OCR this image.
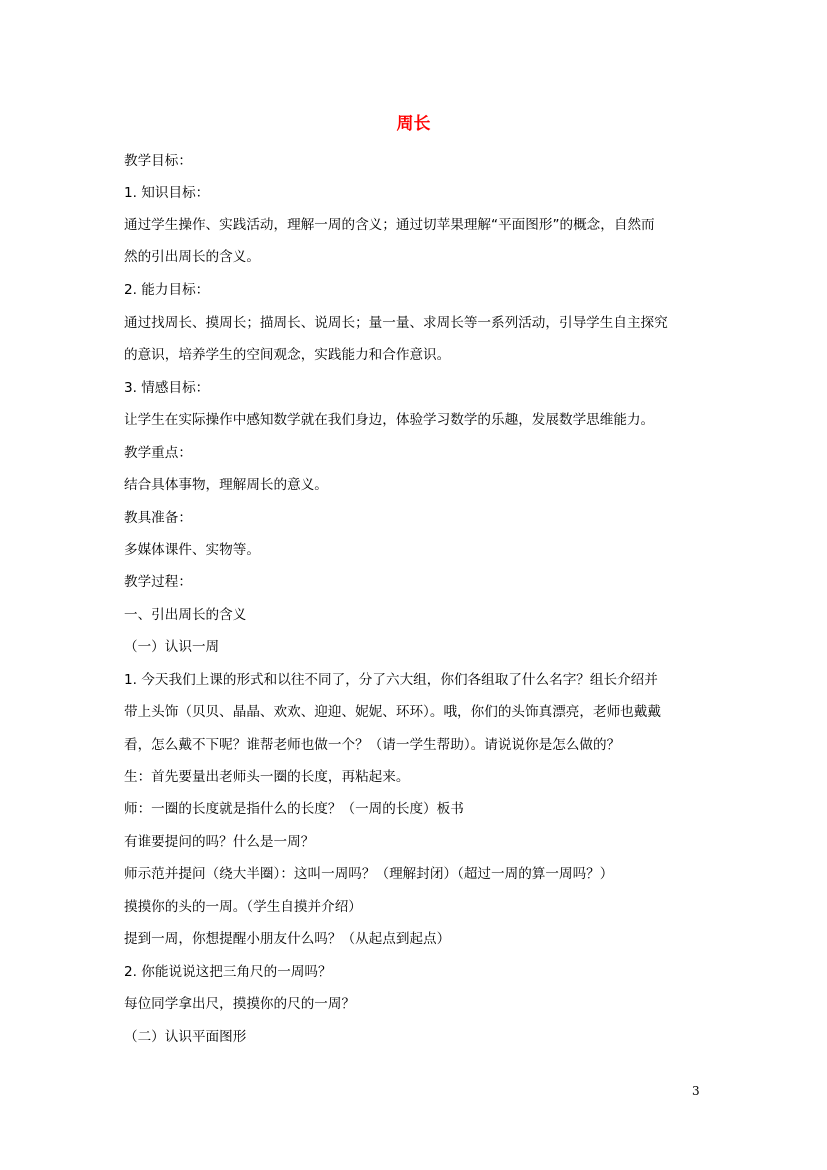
周长
教学目标：
1. 知识目标：
通过学生操作、实践活动，理解一周的含义；通过切苹果理解“平面图形”的概念，自然而
然的引出周长的含义。
2. 能力目标：
通过找周长、摸周长；描周长、说周长；量一量、求周长等一系列活动，引导学生自主探究
的意识，培养学生的空间观念，实践能力和合作意识。
3. 情感目标：
让学生在实际操作中感知数学就在我们身边，体验学习数学的乐趣，发展数学思维能力。
教学重点：
结合具体事物，理解周长的意义。
教具准备：
多媒体课件、实物等。
教学过程：
一、引出周长的含义
（一）认识一周
1. 今天我们上课的形式和以往不同了，分了六大组，你们各组取了什么名字？组长介绍并
带上头饰（贝贝、晶晶、欢欢、迎迎、妮妮、环环）。哦，你们的头饰真漂亮，老师也戴戴
看，怎么戴不下呢？谁帮老师也做一个？（请一学生帮助）。请说说你是怎么做的？
生：首先要量出老师头一圈的长度，再粘起来。
师：一圈的长度就是指什么的长度？（一周的长度）板书
有谁要提问的吗？什么是一周？
师示范并提问（绕大半圈）：这叫一周吗？（理解封闭）（超过一周的算一周吗？）
摸摸你的头的一周。（学生自摸并介绍）
提到一周，你想提醒小朋友什么吗？（从起点到起点）
2. 你能说说这把三角尺的一周吗？
每位同学拿出尺，摸摸你的尺的一周？
（二）认识平面图形
3
